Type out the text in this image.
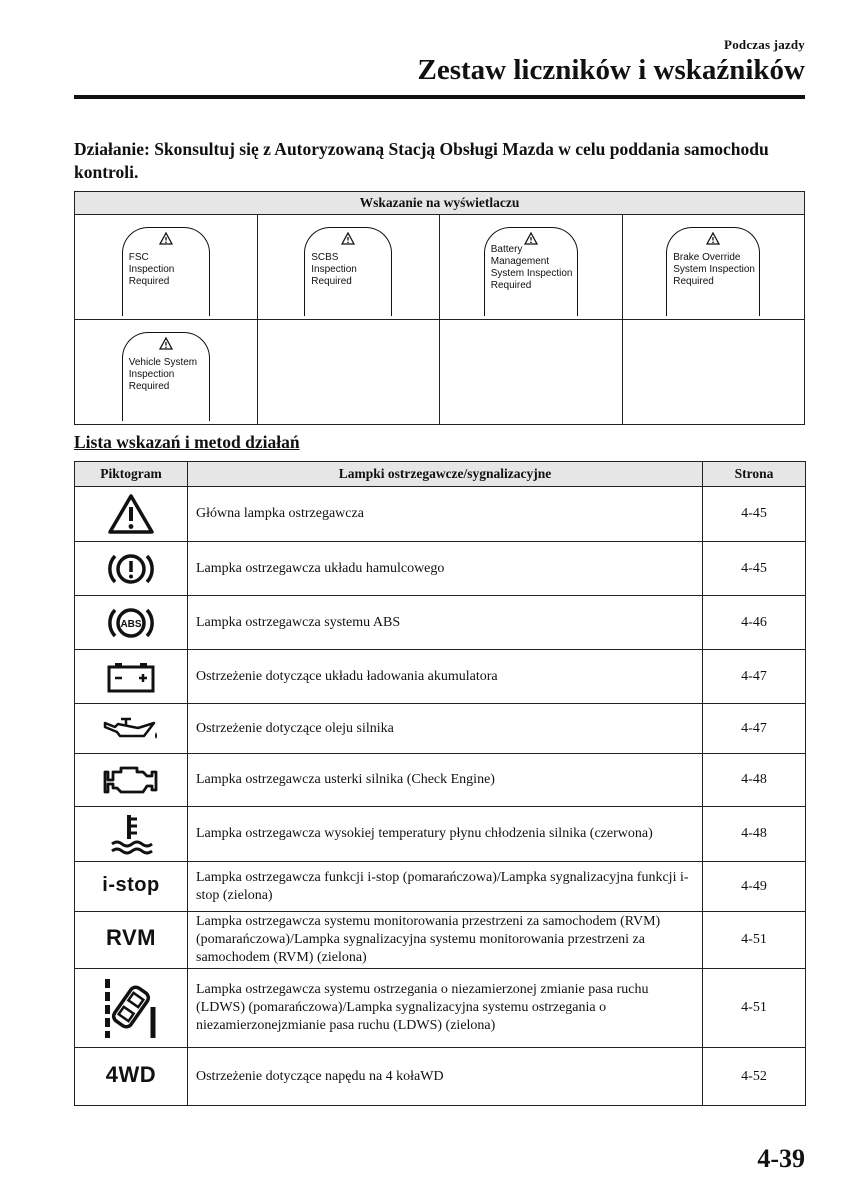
Podczas jazdy
Zestaw liczników i wskaźników
Działanie: Skonsultuj się z Autoryzowaną Stacją Obsługi Mazda w celu poddania samochodu kontroli.
Wskazanie na wyświetlaczu			

FSC
Inspection
Required	SCBS
Inspection
Required	Battery
Management
System Inspection
Required	Brake Override
System Inspection
Required

Vehicle System
Inspection
Required			

Lista wskazań i metod działań
Piktogram	Lampki ostrzegawcze/sygnalizacyjne	Strona

	Główna lampka ostrzegawcza	4-45

	Lampka ostrzegawcza układu hamulcowego	4-45

ABS	Lampka ostrzegawcza systemu ABS	4-46

	Ostrzeżenie dotyczące układu ładowania akumulatora	4-47

	Ostrzeżenie dotyczące oleju silnika	4-47

	Lampka ostrzegawcza usterki silnika (Check Engine)	4-48

	Lampka ostrzegawcza wysokiej temperatury płynu chłodzenia silnika (czerwona)	4-48
i-stop	Lampka ostrzegawcza funkcji i-stop (pomarańczowa)/Lampka sygnalizacyjna funkcji i-stop (zielona)	4-49
RVM	Lampka ostrzegawcza systemu monitorowania przestrzeni za samochodem (RVM) (pomarańczowa)/Lampka sygnalizacyjna systemu monitorowania przestrzeni za samochodem (RVM) (zielona)	4-51

	Lampka ostrzegawcza systemu ostrzegania o niezamierzonej zmianie pasa ruchu (LDWS) (pomarańczowa)/Lampka sygnalizacyjna systemu ostrzegania o niezamierzonejzmianie pasa ruchu (LDWS) (zielona)	4-51
4WD	Ostrzeżenie dotyczące napędu na 4 kołaWD	4-52
4-39
